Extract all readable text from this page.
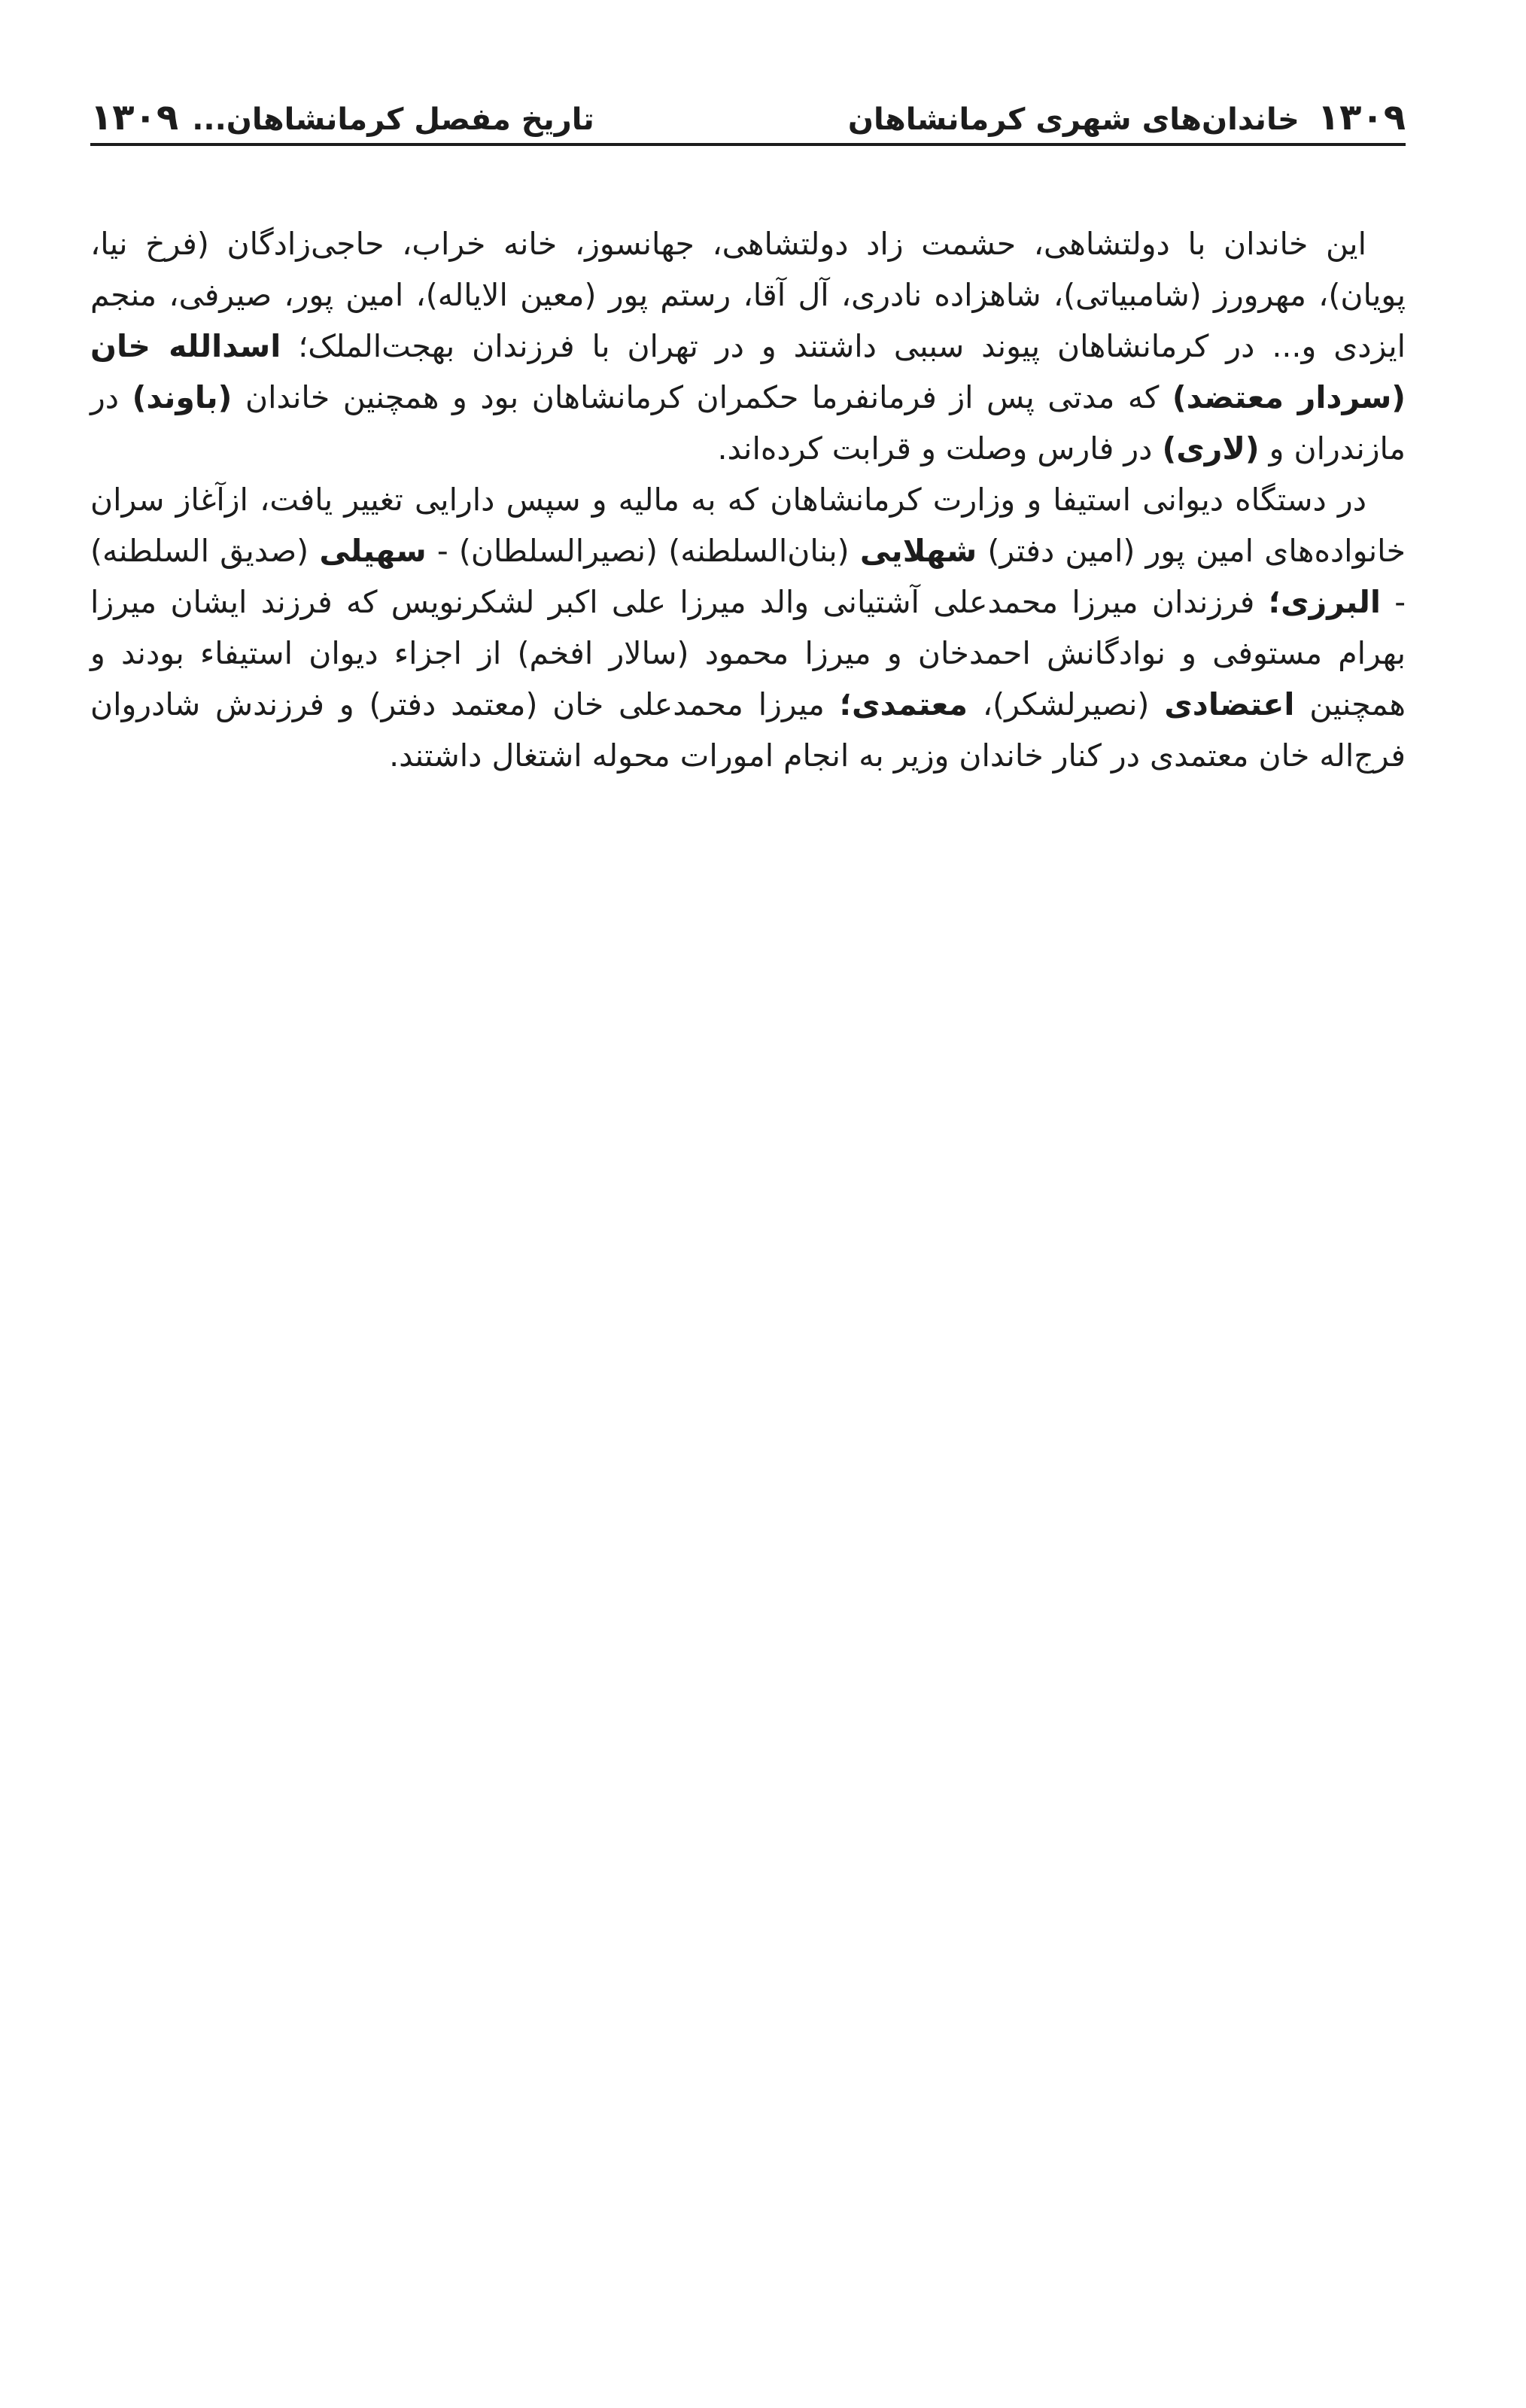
۱۳۰۹خاندان‌های شهری کرمانشاهان
تاریخ مفصل کرمانشاهان...۱۳۰۹

این خاندان با دولتشاهی، حشمت زاد دولتشاهی، جهانسوز، خانه خراب، حاجی‌زادگان (فرخ نیا، پویان)، مهرورز (شامبیاتی)، شاهزاده نادری، آل آقا، رستم پور (معین الایاله)، امین پور، صیرفی، منجم ایزدی و... در کرمانشاهان پیوند سببی داشتند و در تهران با فرزندان بهجت‌الملک؛ اسدالله خان (سردار معتضد) که مدتی پس از فرمانفرما حکمران کرمانشاهان بود و همچنین خاندان (باوند) در مازندران و (لاری) در فارس وصلت و قرابت کرده‌اند.

در دستگاه دیوانی استیفا و وزارت کرمانشاهان که به مالیه و سپس دارایی تغییر یافت، ازآغاز سران خانواده‌های امین پور (امین دفتر) شهلایی (بنان‌السلطنه) (نصیرالسلطان) - سهیلی (صدیق السلطنه) - البرزی؛ فرزندان میرزا محمدعلی آشتیانی والد میرزا علی اکبر لشکرنویس که فرزند ایشان میرزا بهرام مستوفی و نوادگانش احمدخان و میرزا محمود (سالار افخم) از اجزاء دیوان استیفاء بودند و همچنین اعتضادی (نصیرلشکر)، معتمدی؛ میرزا محمدعلی خان (معتمد دفتر) و فرزندش شادروان فرج‌اله خان معتمدی در کنار خاندان وزیر به انجام امورات محوله اشتغال داشتند.
